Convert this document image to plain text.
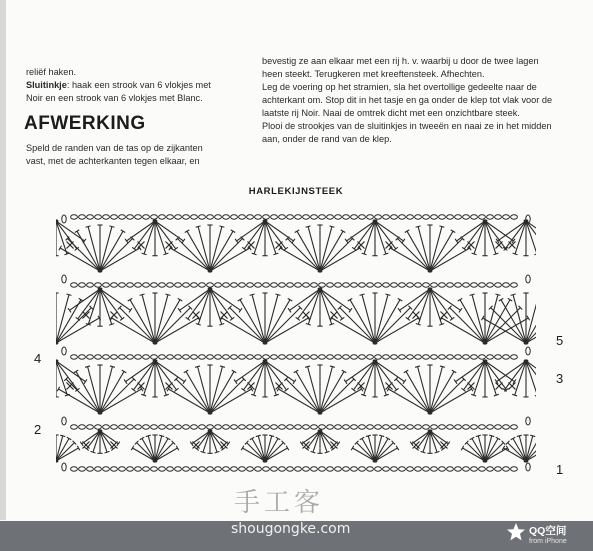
reliëf haken.

Sluitinkje: haak een strook van 6 vlokjes met

Noir en een strook van 6 vlokjes met Blanc.

AFWERKING

Speld de randen van de tas op de zijkanten

vast, met de achterkanten tegen elkaar, en

bevestig ze aan elkaar met een rij h. v. waarbij u door de twee lagen

heen steekt. Terugkeren met kreeftensteek. Afhechten.

Leg de voering op het stramien, sla het overtollige gedeelte naar de

achterkant om. Stop dit in het tasje en ga onder de klep tot vlak voor de

laatste rij Noir. Naai de omtrek dicht met een onzichtbare steek.

Plooi de strookjes van de sluitinkjes in tweeën en naai ze in het midden

aan, onder de rand van de klep.

HARLEKIJNSTEEK
4
2
5
3
1
手工客
shougongke.com	QQ空间
from iPhone
